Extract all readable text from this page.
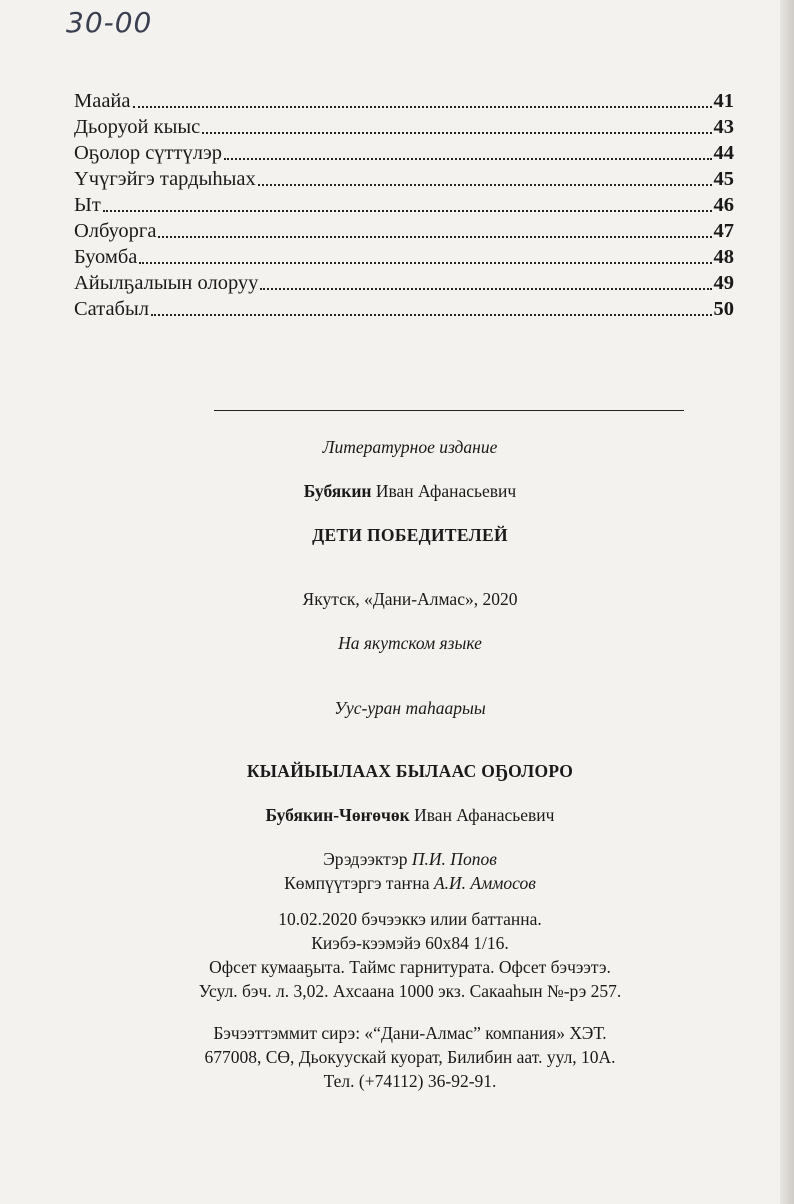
30-00
Маайа	41
Дьоруой кыыс	43
Оҕолор сүттүлэр	44
Үчүгэйгэ тардыһыах	45
Ыт	46
Олбуорга	47
Буомба	48
Айылҕалыын олоруу	49
Сатабыл	50
Литературное издание
Бубякин Иван Афанасьевич
ДЕТИ ПОБЕДИТЕЛЕЙ
Якутск, «Дани-Алмас», 2020
На якутском языке
Уус-уран таһаарыы
КЫАЙЫЫЛААХ БЫЛААС ОҔОЛОРО
Бубякин-Чөҥөчөк Иван Афанасьевич
Эрэдээктэр П.И. Попов
Көмпүүтэргэ таҥна А.И. Аммосов
10.02.2020 бэчээккэ илии баттанна.
Киэбэ-кээмэйэ 60х84 1/16.
Офсет кумааҕыта. Таймс гарнитурата. Офсет бэчээтэ.
Усул. бэч. л. 3,02. Ахсаана 1000 экз. Сакааһын №-рэ 257.
Бэчээттэммит сирэ: «“Дани-Алмас” компания» ХЭТ.
677008, СӨ, Дьокуускай куорат, Билибин аат. уул, 10А.
Тел. (+74112) 36-92-91.
